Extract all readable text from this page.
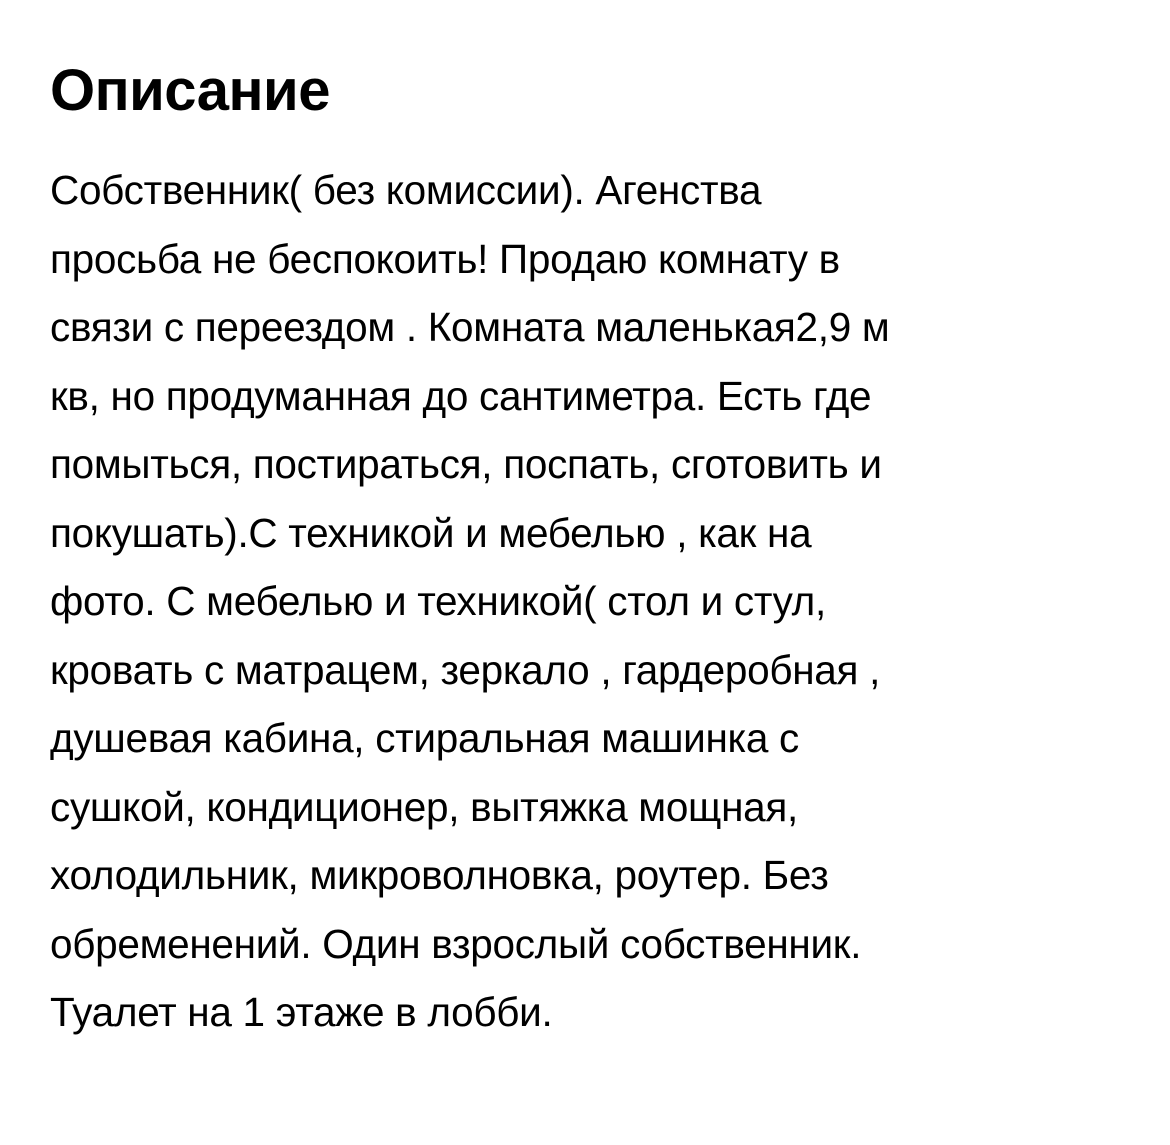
Описание
Собственник( без комиссии). Агенства
просьба не беспокоить! Продаю комнату в
связи с переездом . Комната маленькая2,9 м
кв, но продуманная до сантиметра. Есть где
помыться, постираться, поспать, сготовить и
покушать).С техникой и мебелью , как на
фото. С мебелью и техникой( стол и стул,
кровать с матрацем, зеркало , гардеробная ,
душевая кабина, стиральная машинка с
сушкой, кондиционер, вытяжка мощная,
холодильник, микроволновка, роутер. Без
обременений. Один взрослый собственник.
Туалет на 1 этаже в лобби.
